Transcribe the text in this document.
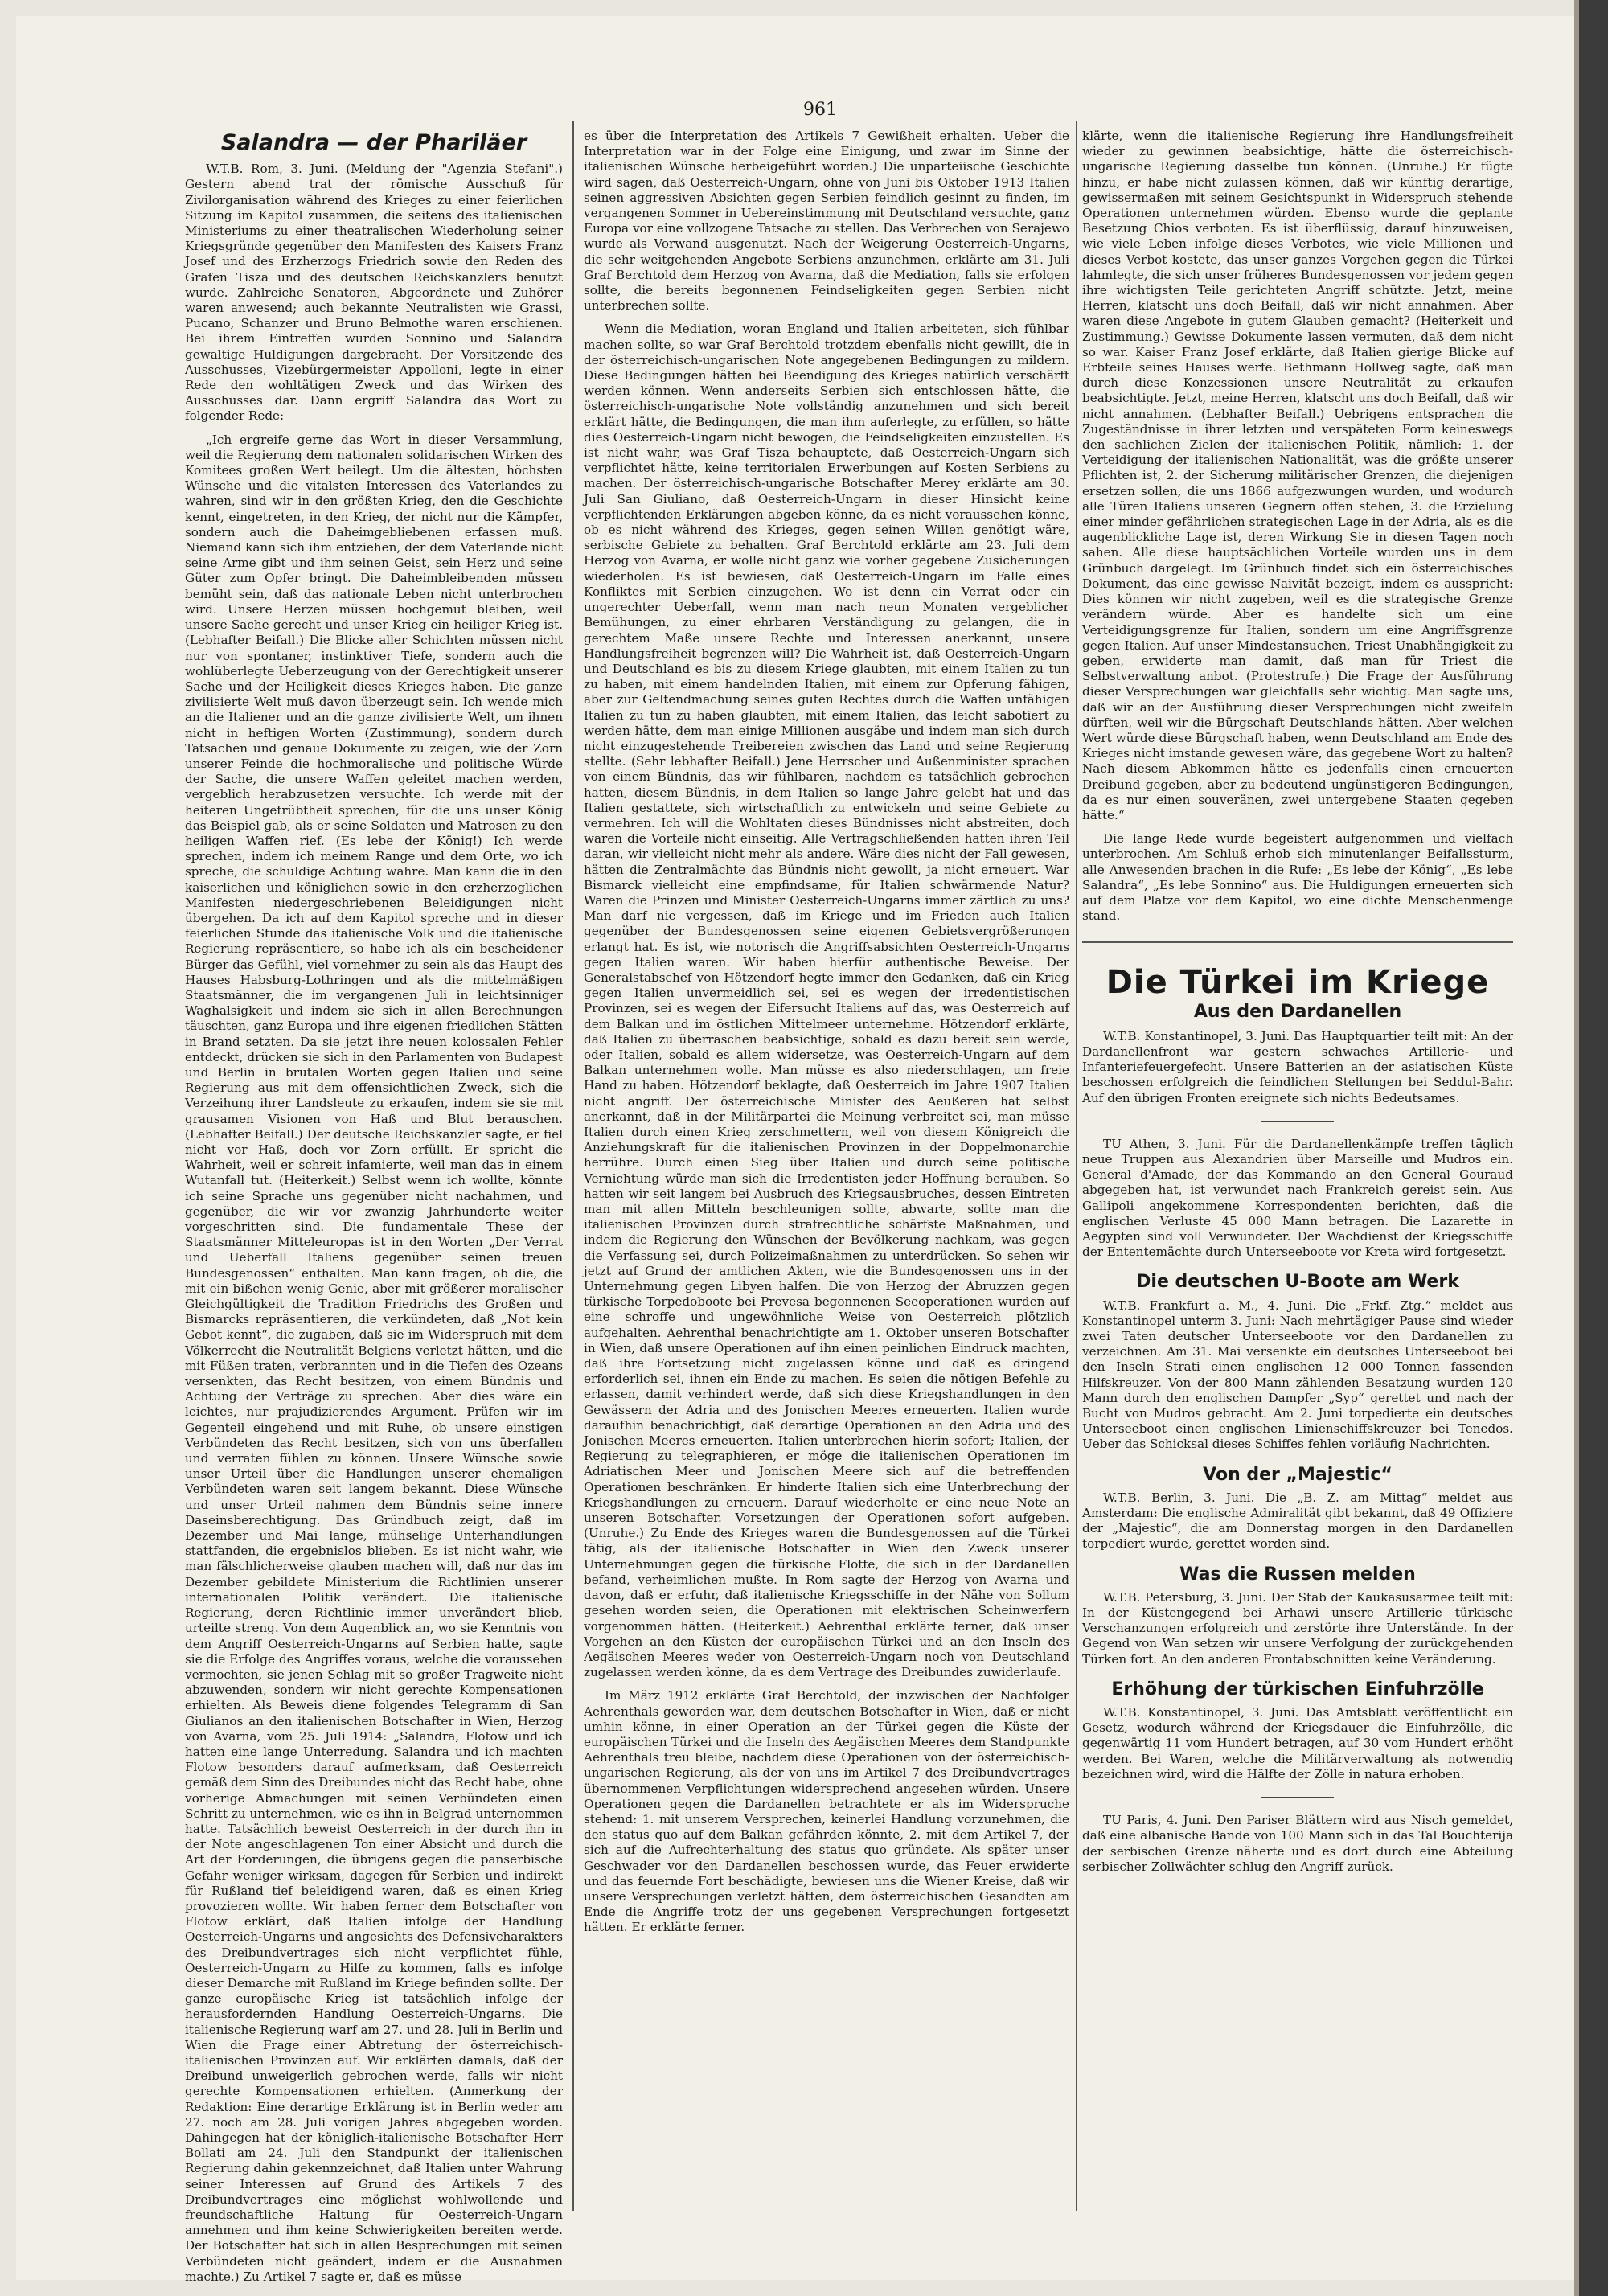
961
Salandra — der Phariläer

W.T.B. Rom, 3. Juni. (Meldung der "Agenzia Stefani".) Gestern abend trat der römische Ausschuß für Zivilorganisation während des Krieges zu einer feierlichen Sitzung im Kapitol zusammen, die seitens des italienischen Ministeriums zu einer theatralischen Wiederholung seiner Kriegsgründe gegenüber den Manifesten des Kaisers Franz Josef und des Erzherzogs Friedrich sowie den Reden des Grafen Tisza und des deutschen Reichskanzlers benutzt wurde. Zahlreiche Senatoren, Abgeordnete und Zuhörer waren anwesend; auch bekannte Neutralisten wie Grassi, Pucano, Schanzer und Bruno Belmothe waren erschienen. Bei ihrem Eintreffen wurden Sonnino und Salandra gewaltige Huldigungen dargebracht. Der Vorsitzende des Ausschusses, Vizebürgermeister Appolloni, legte in einer Rede den wohltätigen Zweck und das Wirken des Ausschusses dar. Dann ergriff Salandra das Wort zu folgender Rede:

„Ich ergreife gerne das Wort in dieser Versammlung, weil die Regierung dem nationalen solidarischen Wirken des Komitees großen Wert beilegt. Um die ältesten, höchsten Wünsche und die vitalsten Interessen des Vaterlandes zu wahren, sind wir in den größten Krieg, den die Geschichte kennt, eingetreten, in den Krieg, der nicht nur die Kämpfer, sondern auch die Daheimgebliebenen erfassen muß. Niemand kann sich ihm entziehen, der dem Vaterlande nicht seine Arme gibt und ihm seinen Geist, sein Herz und seine Güter zum Opfer bringt. Die Daheimbleibenden müssen bemüht sein, daß das nationale Leben nicht unterbrochen wird. Unsere Herzen müssen hochgemut bleiben, weil unsere Sache gerecht und unser Krieg ein heiliger Krieg ist. (Lebhafter Beifall.) Die Blicke aller Schichten müssen nicht nur von spontaner, instinktiver Tiefe, sondern auch die wohlüberlegte Ueberzeugung von der Gerechtigkeit unserer Sache und der Heiligkeit dieses Krieges haben. Die ganze zivilisierte Welt muß davon überzeugt sein. Ich wende mich an die Italiener und an die ganze zivilisierte Welt, um ihnen nicht in heftigen Worten (Zustimmung), sondern durch Tatsachen und genaue Dokumente zu zeigen, wie der Zorn unserer Feinde die hochmoralische und politische Würde der Sache, die unsere Waffen geleitet machen werden, vergeblich herabzusetzen versuchte. Ich werde mit der heiteren Ungetrübtheit sprechen, für die uns unser König das Beispiel gab, als er seine Soldaten und Matrosen zu den heiligen Waffen rief. (Es lebe der König!) Ich werde sprechen, indem ich meinem Range und dem Orte, wo ich spreche, die schuldige Achtung wahre. Man kann die in den kaiserlichen und königlichen sowie in den erzherzoglichen Manifesten niedergeschriebenen Beleidigungen nicht übergehen. Da ich auf dem Kapitol spreche und in dieser feierlichen Stunde das italienische Volk und die italienische Regierung repräsentiere, so habe ich als ein bescheidener Bürger das Gefühl, viel vornehmer zu sein als das Haupt des Hauses Habsburg-Lothringen und als die mittelmäßigen Staatsmänner, die im vergangenen Juli in leichtsinniger Waghalsigkeit und indem sie sich in allen Berechnungen täuschten, ganz Europa und ihre eigenen friedlichen Stätten in Brand setzten. Da sie jetzt ihre neuen kolossalen Fehler entdeckt, drücken sie sich in den Parlamenten von Budapest und Berlin in brutalen Worten gegen Italien und seine Regierung aus mit dem offensichtlichen Zweck, sich die Verzeihung ihrer Landsleute zu erkaufen, indem sie sie mit grausamen Visionen von Haß und Blut berauschen. (Lebhafter Beifall.) Der deutsche Reichskanzler sagte, er fiel nicht vor Haß, doch vor Zorn erfüllt. Er spricht die Wahrheit, weil er schreit infamierte, weil man das in einem Wutanfall tut. (Heiterkeit.) Selbst wenn ich wollte, könnte ich seine Sprache uns gegenüber nicht nachahmen, und gegenüber, die wir vor zwanzig Jahrhunderte weiter vorgeschritten sind. Die fundamentale These der Staatsmänner Mitteleuropas ist in den Worten „Der Verrat und Ueberfall Italiens gegenüber seinen treuen Bundesgenossen“ enthalten. Man kann fragen, ob die, die mit ein bißchen wenig Genie, aber mit größerer moralischer Gleichgültigkeit die Tradition Friedrichs des Großen und Bismarcks repräsentieren, die verkündeten, daß „Not kein Gebot kennt“, die zugaben, daß sie im Widerspruch mit dem Völkerrecht die Neutralität Belgiens verletzt hätten, und die mit Füßen traten, verbrannten und in die Tiefen des Ozeans versenkten, das Recht besitzen, von einem Bündnis und Achtung der Verträge zu sprechen. Aber dies wäre ein leichtes, nur prajudizierendes Argument. Prüfen wir im Gegenteil eingehend und mit Ruhe, ob unsere einstigen Verbündeten das Recht besitzen, sich von uns überfallen und verraten fühlen zu können. Unsere Wünsche sowie unser Urteil über die Handlungen unserer ehemaligen Verbündeten waren seit langem bekannt. Diese Wünsche und unser Urteil nahmen dem Bündnis seine innere Daseinsberechtigung. Das Gründbuch zeigt, daß im Dezember und Mai lange, mühselige Unterhandlungen stattfanden, die ergebnislos blieben. Es ist nicht wahr, wie man fälschlicherweise glauben machen will, daß nur das im Dezember gebildete Ministerium die Richtlinien unserer internationalen Politik verändert. Die italienische Regierung, deren Richtlinie immer unverändert blieb, urteilte streng. Von dem Augenblick an, wo sie Kenntnis von dem Angriff Oesterreich-Ungarns auf Serbien hatte, sagte sie die Erfolge des Angriffes voraus, welche die voraussehen vermochten, sie jenen Schlag mit so großer Tragweite nicht abzuwenden, sondern wir nicht gerechte Kompensationen erhielten. Als Beweis diene folgendes Telegramm di San Giulianos an den italienischen Botschafter in Wien, Herzog von Avarna, vom 25. Juli 1914: „Salandra, Flotow und ich hatten eine lange Unterredung. Salandra und ich machten Flotow besonders darauf aufmerksam, daß Oesterreich gemäß dem Sinn des Dreibundes nicht das Recht habe, ohne vorherige Abmachungen mit seinen Verbündeten einen Schritt zu unternehmen, wie es ihn in Belgrad unternommen hatte. Tatsächlich beweist Oesterreich in der durch ihn in der Note angeschlagenen Ton einer Absicht und durch die Art der Forderungen, die übrigens gegen die panserbische Gefahr weniger wirksam, dagegen für Serbien und indirekt für Rußland tief beleidigend waren, daß es einen Krieg provozieren wollte. Wir haben ferner dem Botschafter von Flotow erklärt, daß Italien infolge der Handlung Oesterreich-Ungarns und angesichts des Defensivcharakters des Dreibundvertrages sich nicht verpflichtet fühle, Oesterreich-Ungarn zu Hilfe zu kommen, falls es infolge dieser Demarche mit Rußland im Kriege befinden sollte. Der ganze europäische Krieg ist tatsächlich infolge der herausfordernden Handlung Oesterreich-Ungarns. Die italienische Regierung warf am 27. und 28. Juli in Berlin und Wien die Frage einer Abtretung der österreichisch-italienischen Provinzen auf. Wir erklärten damals, daß der Dreibund unweigerlich gebrochen werde, falls wir nicht gerechte Kompensationen erhielten. (Anmerkung der Redaktion: Eine derartige Erklärung ist in Berlin weder am 27. noch am 28. Juli vorigen Jahres abgegeben worden. Dahingegen hat der königlich-italienische Botschafter Herr Bollati am 24. Juli den Standpunkt der italienischen Regierung dahin gekennzeichnet, daß Italien unter Wahrung seiner Interessen auf Grund des Artikels 7 des Dreibundvertrages eine möglichst wohlwollende und freundschaftliche Haltung für Oesterreich-Ungarn annehmen und ihm keine Schwierigkeiten bereiten werde. Der Botschafter hat sich in allen Besprechungen mit seinen Verbündeten nicht geändert, indem er die Ausnahmen machte.) Zu Artikel 7 sagte er, daß es müsse

es über die Interpretation des Artikels 7 Gewißheit erhalten. Ueber die Interpretation war in der Folge eine Einigung, und zwar im Sinne der italienischen Wünsche herbeigeführt worden.) Die unparteiische Geschichte wird sagen, daß Oesterreich-Ungarn, ohne von Juni bis Oktober 1913 Italien seinen aggressiven Absichten gegen Serbien feindlich gesinnt zu finden, im vergangenen Sommer in Uebereinstimmung mit Deutschland versuchte, ganz Europa vor eine vollzogene Tatsache zu stellen. Das Verbrechen von Serajewo wurde als Vorwand ausgenutzt. Nach der Weigerung Oesterreich-Ungarns, die sehr weitgehenden Angebote Serbiens anzunehmen, erklärte am 31. Juli Graf Berchtold dem Herzog von Avarna, daß die Mediation, falls sie erfolgen sollte, die bereits begonnenen Feindseligkeiten gegen Serbien nicht unterbrechen sollte.

Wenn die Mediation, woran England und Italien arbeiteten, sich fühlbar machen sollte, so war Graf Berchtold trotzdem ebenfalls nicht gewillt, die in der österreichisch-ungarischen Note angegebenen Bedingungen zu mildern. Diese Bedingungen hätten bei Beendigung des Krieges natürlich verschärft werden können. Wenn anderseits Serbien sich entschlossen hätte, die österreichisch-ungarische Note vollständig anzunehmen und sich bereit erklärt hätte, die Bedingungen, die man ihm auferlegte, zu erfüllen, so hätte dies Oesterreich-Ungarn nicht bewogen, die Feindseligkeiten einzustellen. Es ist nicht wahr, was Graf Tisza behauptete, daß Oesterreich-Ungarn sich verpflichtet hätte, keine territorialen Erwerbungen auf Kosten Serbiens zu machen. Der österreichisch-ungarische Botschafter Merey erklärte am 30. Juli San Giuliano, daß Oesterreich-Ungarn in dieser Hinsicht keine verpflichtenden Erklärungen abgeben könne, da es nicht voraussehen könne, ob es nicht während des Krieges, gegen seinen Willen genötigt wäre, serbische Gebiete zu behalten. Graf Berchtold erklärte am 23. Juli dem Herzog von Avarna, er wolle nicht ganz wie vorher gegebene Zusicherungen wiederholen. Es ist bewiesen, daß Oesterreich-Ungarn im Falle eines Konfliktes mit Serbien einzugehen. Wo ist denn ein Verrat oder ein ungerechter Ueberfall, wenn man nach neun Monaten vergeblicher Bemühungen, zu einer ehrbaren Verständigung zu gelangen, die in gerechtem Maße unsere Rechte und Interessen anerkannt, unsere Handlungsfreiheit begrenzen will? Die Wahrheit ist, daß Oesterreich-Ungarn und Deutschland es bis zu diesem Kriege glaubten, mit einem Italien zu tun zu haben, mit einem handelnden Italien, mit einem zur Opferung fähigen, aber zur Geltendmachung seines guten Rechtes durch die Waffen unfähigen Italien zu tun zu haben glaubten, mit einem Italien, das leicht sabotiert zu werden hätte, dem man einige Millionen ausgäbe und indem man sich durch nicht einzugestehende Treibereien zwischen das Land und seine Regierung stellte. (Sehr lebhafter Beifall.) Jene Herrscher und Außenminister sprachen von einem Bündnis, das wir fühlbaren, nachdem es tatsächlich gebrochen hatten, diesem Bündnis, in dem Italien so lange Jahre gelebt hat und das Italien gestattete, sich wirtschaftlich zu entwickeln und seine Gebiete zu vermehren. Ich will die Wohltaten dieses Bündnisses nicht abstreiten, doch waren die Vorteile nicht einseitig. Alle Vertragschließenden hatten ihren Teil daran, wir vielleicht nicht mehr als andere. Wäre dies nicht der Fall gewesen, hätten die Zentralmächte das Bündnis nicht gewollt, ja nicht erneuert. War Bismarck vielleicht eine empfindsame, für Italien schwärmende Natur? Waren die Prinzen und Minister Oesterreich-Ungarns immer zärtlich zu uns? Man darf nie vergessen, daß im Kriege und im Frieden auch Italien gegenüber der Bundesgenossen seine eigenen Gebietsvergrößerungen erlangt hat. Es ist, wie notorisch die Angriffsabsichten Oesterreich-Ungarns gegen Italien waren. Wir haben hierfür authentische Beweise. Der Generalstabschef von Hötzendorf hegte immer den Gedanken, daß ein Krieg gegen Italien unvermeidlich sei, sei es wegen der irredentistischen Provinzen, sei es wegen der Eifersucht Italiens auf das, was Oesterreich auf dem Balkan und im östlichen Mittelmeer unternehme. Hötzendorf erklärte, daß Italien zu überraschen beabsichtige, sobald es dazu bereit sein werde, oder Italien, sobald es allem widersetze, was Oesterreich-Ungarn auf dem Balkan unternehmen wolle. Man müsse es also niederschlagen, um freie Hand zu haben. Hötzendorf beklagte, daß Oesterreich im Jahre 1907 Italien nicht angriff. Der österreichische Minister des Aeußeren hat selbst anerkannt, daß in der Militärpartei die Meinung verbreitet sei, man müsse Italien durch einen Krieg zerschmettern, weil von diesem Königreich die Anziehungskraft für die italienischen Provinzen in der Doppelmonarchie herrühre. Durch einen Sieg über Italien und durch seine politische Vernichtung würde man sich die Irredentisten jeder Hoffnung berauben. So hatten wir seit langem bei Ausbruch des Kriegsausbruches, dessen Eintreten man mit allen Mitteln beschleunigen sollte, abwarte, sollte man die italienischen Provinzen durch strafrechtliche schärfste Maßnahmen, und indem die Regierung den Wünschen der Bevölkerung nachkam, was gegen die Verfassung sei, durch Polizeimaßnahmen zu unterdrücken. So sehen wir jetzt auf Grund der amtlichen Akten, wie die Bundesgenossen uns in der Unternehmung gegen Libyen halfen. Die von Herzog der Abruzzen gegen türkische Torpedoboote bei Prevesa begonnenen Seeoperationen wurden auf eine schroffe und ungewöhnliche Weise von Oesterreich plötzlich aufgehalten. Aehrenthal benachrichtigte am 1. Oktober unseren Botschafter in Wien, daß unsere Operationen auf ihn einen peinlichen Eindruck machten, daß ihre Fortsetzung nicht zugelassen könne und daß es dringend erforderlich sei, ihnen ein Ende zu machen. Es seien die nötigen Befehle zu erlassen, damit verhindert werde, daß sich diese Kriegshandlungen in den Gewässern der Adria und des Jonischen Meeres erneuerten. Italien wurde daraufhin benachrichtigt, daß derartige Operationen an den Adria und des Jonischen Meeres erneuerten. Italien unterbrechen hierin sofort; Italien, der Regierung zu telegraphieren, er möge die italienischen Operationen im Adriatischen Meer und Jonischen Meere sich auf die betreffenden Operationen beschränken. Er hinderte Italien sich eine Unterbrechung der Kriegshandlungen zu erneuern. Darauf wiederholte er eine neue Note an unseren Botschafter. Vorsetzungen der Operationen sofort aufgeben. (Unruhe.) Zu Ende des Krieges waren die Bundesgenossen auf die Türkei tätig, als der italienische Botschafter in Wien den Zweck unserer Unternehmungen gegen die türkische Flotte, die sich in der Dardanellen befand, verheimlichen mußte. In Rom sagte der Herzog von Avarna und davon, daß er erfuhr, daß italienische Kriegsschiffe in der Nähe von Sollum gesehen worden seien, die Operationen mit elektrischen Scheinwerfern vorgenommen hätten. (Heiterkeit.) Aehrenthal erklärte ferner, daß unser Vorgehen an den Küsten der europäischen Türkei und an den Inseln des Aegäischen Meeres weder von Oesterreich-Ungarn noch von Deutschland zugelassen werden könne, da es dem Vertrage des Dreibundes zuwiderlaufe.

Im März 1912 erklärte Graf Berchtold, der inzwischen der Nachfolger Aehrenthals geworden war, dem deutschen Botschafter in Wien, daß er nicht umhin könne, in einer Operation an der Türkei gegen die Küste der europäischen Türkei und die Inseln des Aegäischen Meeres dem Standpunkte Aehrenthals treu bleibe, nachdem diese Operationen von der österreichisch-ungarischen Regierung, als der von uns im Artikel 7 des Dreibundvertrages übernommenen Verpflichtungen widersprechend angesehen würden. Unsere Operationen gegen die Dardanellen betrachtete er als im Widerspruche stehend: 1. mit unserem Versprechen, keinerlei Handlung vorzunehmen, die den status quo auf dem Balkan gefährden könnte, 2. mit dem Artikel 7, der sich auf die Aufrechterhaltung des status quo gründete. Als später unser Geschwader vor den Dardanellen beschossen wurde, das Feuer erwiderte und das feuernde Fort beschädigte, bewiesen uns die Wiener Kreise, daß wir unsere Versprechungen verletzt hätten, dem österreichischen Gesandten am Ende die Angriffe trotz der uns gegebenen Versprechungen fortgesetzt hätten. Er erklärte ferner.

klärte, wenn die italienische Regierung ihre Handlungsfreiheit wieder zu gewinnen beabsichtige, hätte die österreichisch-ungarische Regierung dasselbe tun können. (Unruhe.) Er fügte hinzu, er habe nicht zulassen können, daß wir künftig derartige, gewissermaßen mit seinem Gesichtspunkt in Widerspruch stehende Operationen unternehmen würden. Ebenso wurde die geplante Besetzung Chios verboten. Es ist überflüssig, darauf hinzuweisen, wie viele Leben infolge dieses Verbotes, wie viele Millionen und dieses Verbot kostete, das unser ganzes Vorgehen gegen die Türkei lahmlegte, die sich unser früheres Bundesgenossen vor jedem gegen ihre wichtigsten Teile gerichteten Angriff schützte. Jetzt, meine Herren, klatscht uns doch Beifall, daß wir nicht annahmen. Aber waren diese Angebote in gutem Glauben gemacht? (Heiterkeit und Zustimmung.) Gewisse Dokumente lassen vermuten, daß dem nicht so war. Kaiser Franz Josef erklärte, daß Italien gierige Blicke auf Erbteile seines Hauses werfe. Bethmann Hollweg sagte, daß man durch diese Konzessionen unsere Neutralität zu erkaufen beabsichtigte. Jetzt, meine Herren, klatscht uns doch Beifall, daß wir nicht annahmen. (Lebhafter Beifall.) Uebrigens entsprachen die Zugeständnisse in ihrer letzten und verspäteten Form keineswegs den sachlichen Zielen der italienischen Politik, nämlich: 1. der Verteidigung der italienischen Nationalität, was die größte unserer Pflichten ist, 2. der Sicherung militärischer Grenzen, die diejenigen ersetzen sollen, die uns 1866 aufgezwungen wurden, und wodurch alle Türen Italiens unseren Gegnern offen stehen, 3. die Erzielung einer minder gefährlichen strategischen Lage in der Adria, als es die augenblickliche Lage ist, deren Wirkung Sie in diesen Tagen noch sahen. Alle diese hauptsächlichen Vorteile wurden uns in dem Grünbuch dargelegt. Im Grünbuch findet sich ein österreichisches Dokument, das eine gewisse Naivität bezeigt, indem es ausspricht: Dies können wir nicht zugeben, weil es die strategische Grenze verändern würde. Aber es handelte sich um eine Verteidigungsgrenze für Italien, sondern um eine Angriffsgrenze gegen Italien. Auf unser Mindestansuchen, Triest Unabhängigkeit zu geben, erwiderte man damit, daß man für Triest die Selbstverwaltung anbot. (Protestrufe.) Die Frage der Ausführung dieser Versprechungen war gleichfalls sehr wichtig. Man sagte uns, daß wir an der Ausführung dieser Versprechungen nicht zweifeln dürften, weil wir die Bürgschaft Deutschlands hätten. Aber welchen Wert würde diese Bürgschaft haben, wenn Deutschland am Ende des Krieges nicht imstande gewesen wäre, das gegebene Wort zu halten? Nach diesem Abkommen hätte es jedenfalls einen erneuerten Dreibund gegeben, aber zu bedeutend ungünstigeren Bedingungen, da es nur einen souveränen, zwei untergebene Staaten gegeben hätte.“

Die lange Rede wurde begeistert aufgenommen und vielfach unterbrochen. Am Schluß erhob sich minutenlanger Beifallssturm, alle Anwesenden brachen in die Rufe: „Es lebe der König“, „Es lebe Salandra“, „Es lebe Sonnino“ aus. Die Huldigungen erneuerten sich auf dem Platze vor dem Kapitol, wo eine dichte Menschenmenge stand.

Die Türkei im Kriege
Aus den Dardanellen

W.T.B. Konstantinopel, 3. Juni. Das Hauptquartier teilt mit: An der Dardanellenfront war gestern schwaches Artillerie- und Infanteriefeuergefecht. Unsere Batterien an der asiatischen Küste beschossen erfolgreich die feindlichen Stellungen bei Seddul-Bahr. Auf den übrigen Fronten ereignete sich nichts Bedeutsames.

TU Athen, 3. Juni. Für die Dardanellenkämpfe treffen täglich neue Truppen aus Alexandrien über Marseille und Mudros ein. General d'Amade, der das Kommando an den General Gouraud abgegeben hat, ist verwundet nach Frankreich gereist sein. Aus Gallipoli angekommene Korrespondenten berichten, daß die englischen Verluste 45 000 Mann betragen. Die Lazarette in Aegypten sind voll Verwundeter. Der Wachdienst der Kriegsschiffe der Ententemächte durch Unterseeboote vor Kreta wird fortgesetzt.

Die deutschen U-Boote am Werk

W.T.B. Frankfurt a. M., 4. Juni. Die „Frkf. Ztg.“ meldet aus Konstantinopel unterm 3. Juni: Nach mehrtägiger Pause sind wieder zwei Taten deutscher Unterseeboote vor den Dardanellen zu verzeichnen. Am 31. Mai versenkte ein deutsches Unterseeboot bei den Inseln Strati einen englischen 12 000 Tonnen fassenden Hilfskreuzer. Von der 800 Mann zählenden Besatzung wurden 120 Mann durch den englischen Dampfer „Syp“ gerettet und nach der Bucht von Mudros gebracht. Am 2. Juni torpedierte ein deutsches Unterseeboot einen englischen Linienschiffskreuzer bei Tenedos. Ueber das Schicksal dieses Schiffes fehlen vorläufig Nachrichten.

Von der „Majestic“

W.T.B. Berlin, 3. Juni. Die „B. Z. am Mittag“ meldet aus Amsterdam: Die englische Admiralität gibt bekannt, daß 49 Offiziere der „Majestic“, die am Donnerstag morgen in den Dardanellen torpediert wurde, gerettet worden sind.

Was die Russen melden

W.T.B. Petersburg, 3. Juni. Der Stab der Kaukasusarmee teilt mit: In der Küstengegend bei Arhawi unsere Artillerie türkische Verschanzungen erfolgreich und zerstörte ihre Unterstände. In der Gegend von Wan setzen wir unsere Verfolgung der zurückgehenden Türken fort. An den anderen Frontabschnitten keine Veränderung.

Erhöhung der türkischen Einfuhrzölle

W.T.B. Konstantinopel, 3. Juni. Das Amtsblatt veröffentlicht ein Gesetz, wodurch während der Kriegsdauer die Einfuhrzölle, die gegenwärtig 11 vom Hundert betragen, auf 30 vom Hundert erhöht werden. Bei Waren, welche die Militärverwaltung als notwendig bezeichnen wird, wird die Hälfte der Zölle in natura erhoben.

TU Paris, 4. Juni. Den Pariser Blättern wird aus Nisch gemeldet, daß eine albanische Bande von 100 Mann sich in das Tal Bouchterija der serbischen Grenze näherte und es dort durch eine Abteilung serbischer Zollwächter schlug den Angriff zurück.
